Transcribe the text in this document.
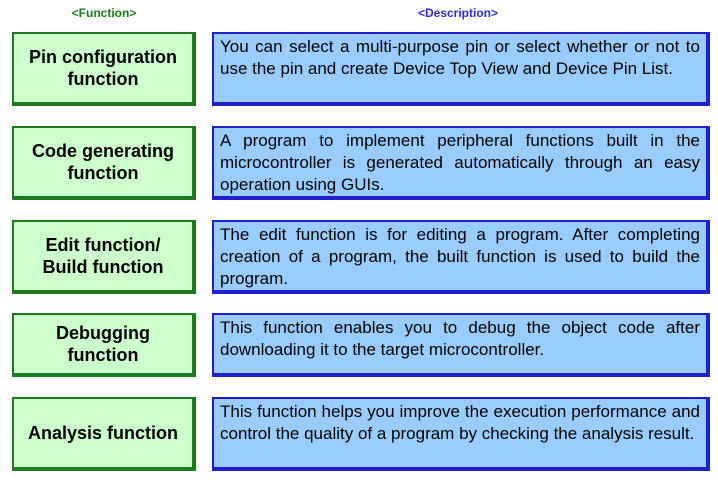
<Function>	<Description>
Pin configuration
function
You can select a multi-purpose pin or select whether or not to use the pin and create Device Top View and Device Pin List.
Code generating
function
A program to implement peripheral functions built in the microcontroller is generated automatically through an easy operation using GUIs.
Edit function/
Build function
The edit function is for editing a program. After completing creation of a program, the built function is used to build the program.
Debugging
function
This function enables you to debug the object code after downloading it to the target microcontroller.
Analysis function
This function helps you improve the execution performance and control the quality of a program by checking the analysis result.
